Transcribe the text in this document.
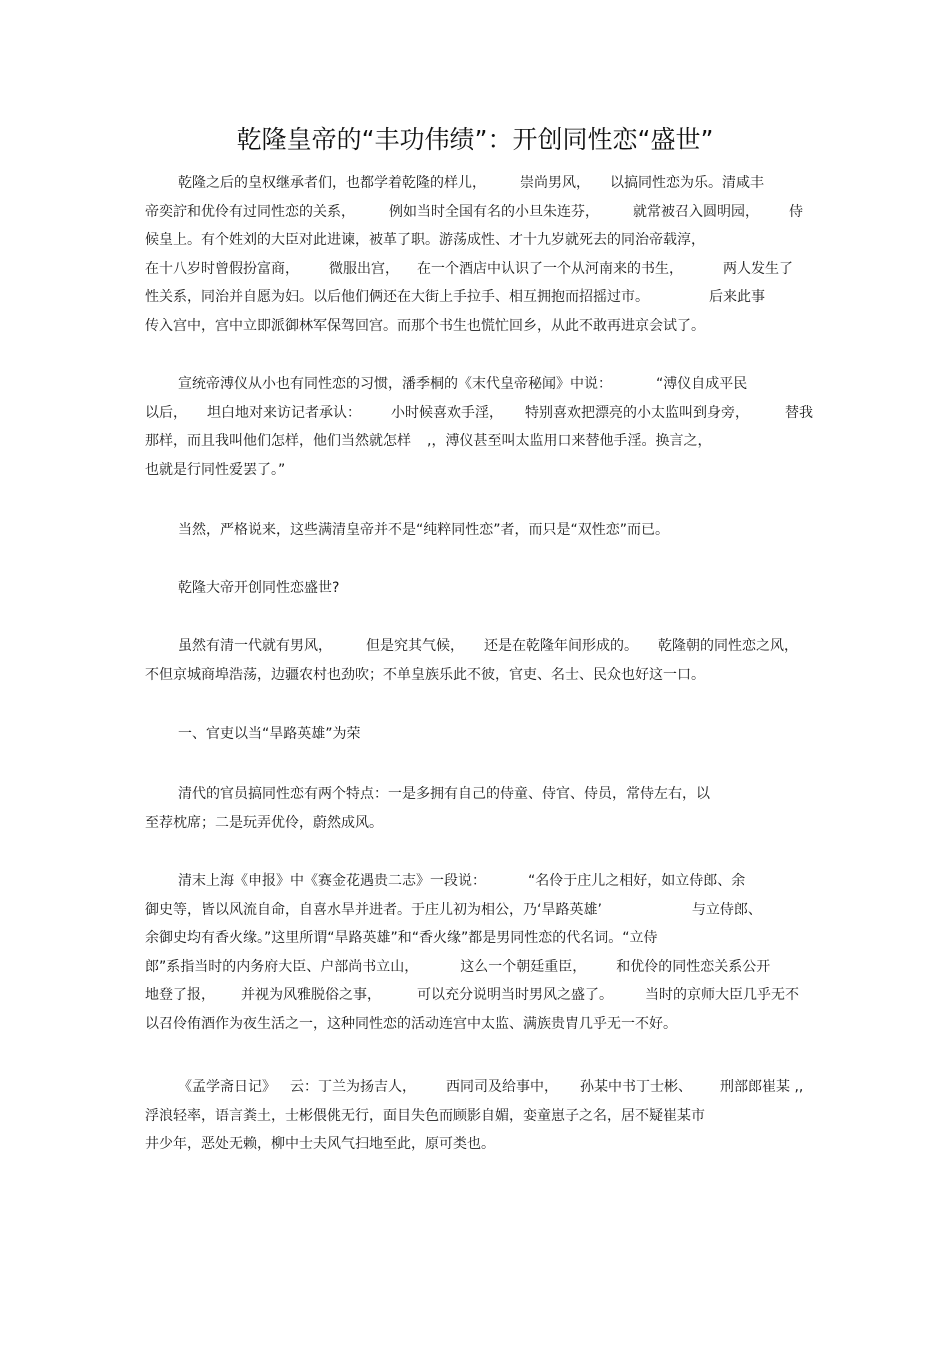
乾隆皇帝的“丰功伟绩”：开创同性恋“盛世”
乾隆之后的皇权继承者们，也都学着乾隆的样儿， 崇尚男风， 以搞同性恋为乐。清咸丰
帝奕詝和优伶有过同性恋的关系， 例如当时全国有名的小旦朱连芬， 就常被召入圆明园， 侍
候皇上。有个姓刘的大臣对此进谏，被革了职。游荡成性、才十九岁就死去的同治帝载淳，
在十八岁时曾假扮富商， 微服出宫， 在一个酒店中认识了一个从河南来的书生，	两人发生了
性关系，同治并自愿为妇。以后他们俩还在大街上手拉手、相互拥抱而招摇过市。	后来此事
传入宫中，宫中立即派御林军保驾回宫。而那个书生也慌忙回乡，从此不敢再进京会试了。
宣统帝溥仪从小也有同性恋的习惯，潘季桐的《末代皇帝秘闻》中说：	“溥仪自成平民
以后， 坦白地对来访记者承认： 小时候喜欢手淫， 特别喜欢把漂亮的小太监叫到身旁，	替我
那样，而且我叫他们怎样，他们当然就怎样 ,，溥仪甚至叫太监用口来替他手淫。换言之，
也就是行同性爱罢了。”
当然，严格说来，这些满清皇帝并不是“纯粹同性恋”者，而只是“双性恋”而已。
乾隆大帝开创同性恋盛世?
虽然有清一代就有男风， 但是究其气候， 还是在乾隆年间形成的。 乾隆朝的同性恋之风，
不但京城商埠浩荡，边疆农村也劲吹；不单皇族乐此不彼，官吏、名士、民众也好这一口。
一、官吏以当“旱路英雄”为荣
清代的官员搞同性恋有两个特点：一是多拥有自己的侍童、侍官、侍员，常侍左右，以
至荐枕席；二是玩弄优伶，蔚然成风。
清末上海《申报》中《赛金花遇贵二志》一段说：	“名伶于庄儿之相好，如立侍郎、余
御史等，皆以风流自命，自喜水旱并进者。于庄儿初为相公，乃‘旱路英雄’	与立侍郎、
余御史均有香火缘。”这里所谓“旱路英雄”和“香火缘”都是男同性恋的代名词。“立侍
郎”系指当时的内务府大臣、户部尚书立山，	这么一个朝廷重臣， 和优伶的同性恋关系公开
地登了报， 并视为风雅脱俗之事，	可以充分说明当时男风之盛了。 当时的京师大臣几乎无不
以召伶侑酒作为夜生活之一，这种同性恋的活动连宫中太监、满族贵胄几乎无一不好。
《孟学斋日记》 云：丁兰为扬吉人， 西同司及给事中， 孙某中书丁士彬、 刑部郎崔某 ,,
浮浪轻率，语言粪土，士彬偎佻无行，面目失色而顾影自媚，娈童崽子之名，居不疑崔某市
井少年，恶处无赖，柳中士夫风气扫地至此，原可类也。
